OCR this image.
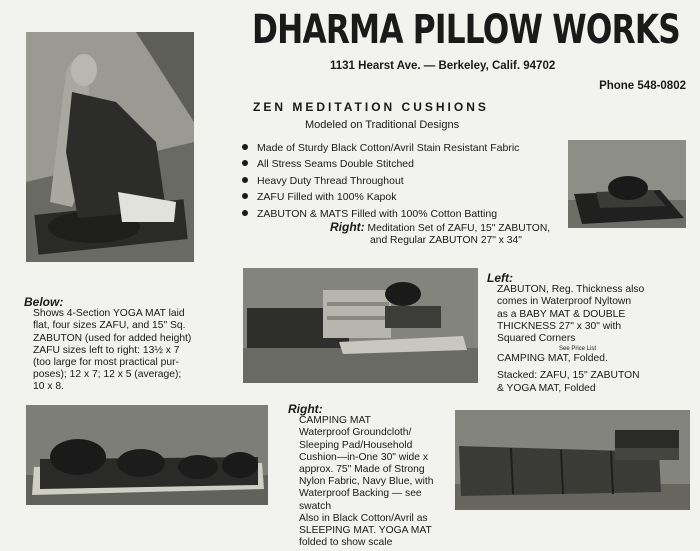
DHARMA PILLOW WORKS
1131 Hearst Ave. — Berkeley, Calif. 94702
Phone 548-0802
ZEN MEDITATION CUSHIONS
Modeled on Traditional Designs
Made of Sturdy Black Cotton/Avril Stain Resistant Fabric
All Stress Seams Double Stitched
Heavy Duty Thread Throughout
ZAFU Filled with 100% Kapok
ZABUTON & MATS Filled with 100% Cotton Batting

Right: Meditation Set of ZAFU, 15" ZABUTON,

and Regular ZABUTON 27" x 34"

Below:

Shows 4-Section YOGA MAT laid

flat, four sizes ZAFU, and 15" Sq.

ZABUTON (used for added height)

ZAFU sizes left to right: 13½ x 7

(too large for most practical pur-

poses); 12 x 7; 12 x 5 (average);

10 x 8.

Left:

ZABUTON, Reg. Thickness also

comes in Waterproof Nyltown

as a BABY MAT & DOUBLE

THICKNESS 27" x 30" with

Squared Corners

See Price List

CAMPING MAT, Folded.

Stacked: ZAFU, 15" ZABUTON

& YOGA MAT, Folded

Right:

CAMPING MAT

Waterproof Groundcloth/

Sleeping Pad/Household

Cushion—in-One 30" wide x

approx. 75" Made of Strong

Nylon Fabric, Navy Blue, with

Waterproof Backing — see

swatch

Also in Black Cotton/Avril as

SLEEPING MAT. YOGA MAT

folded to show scale
